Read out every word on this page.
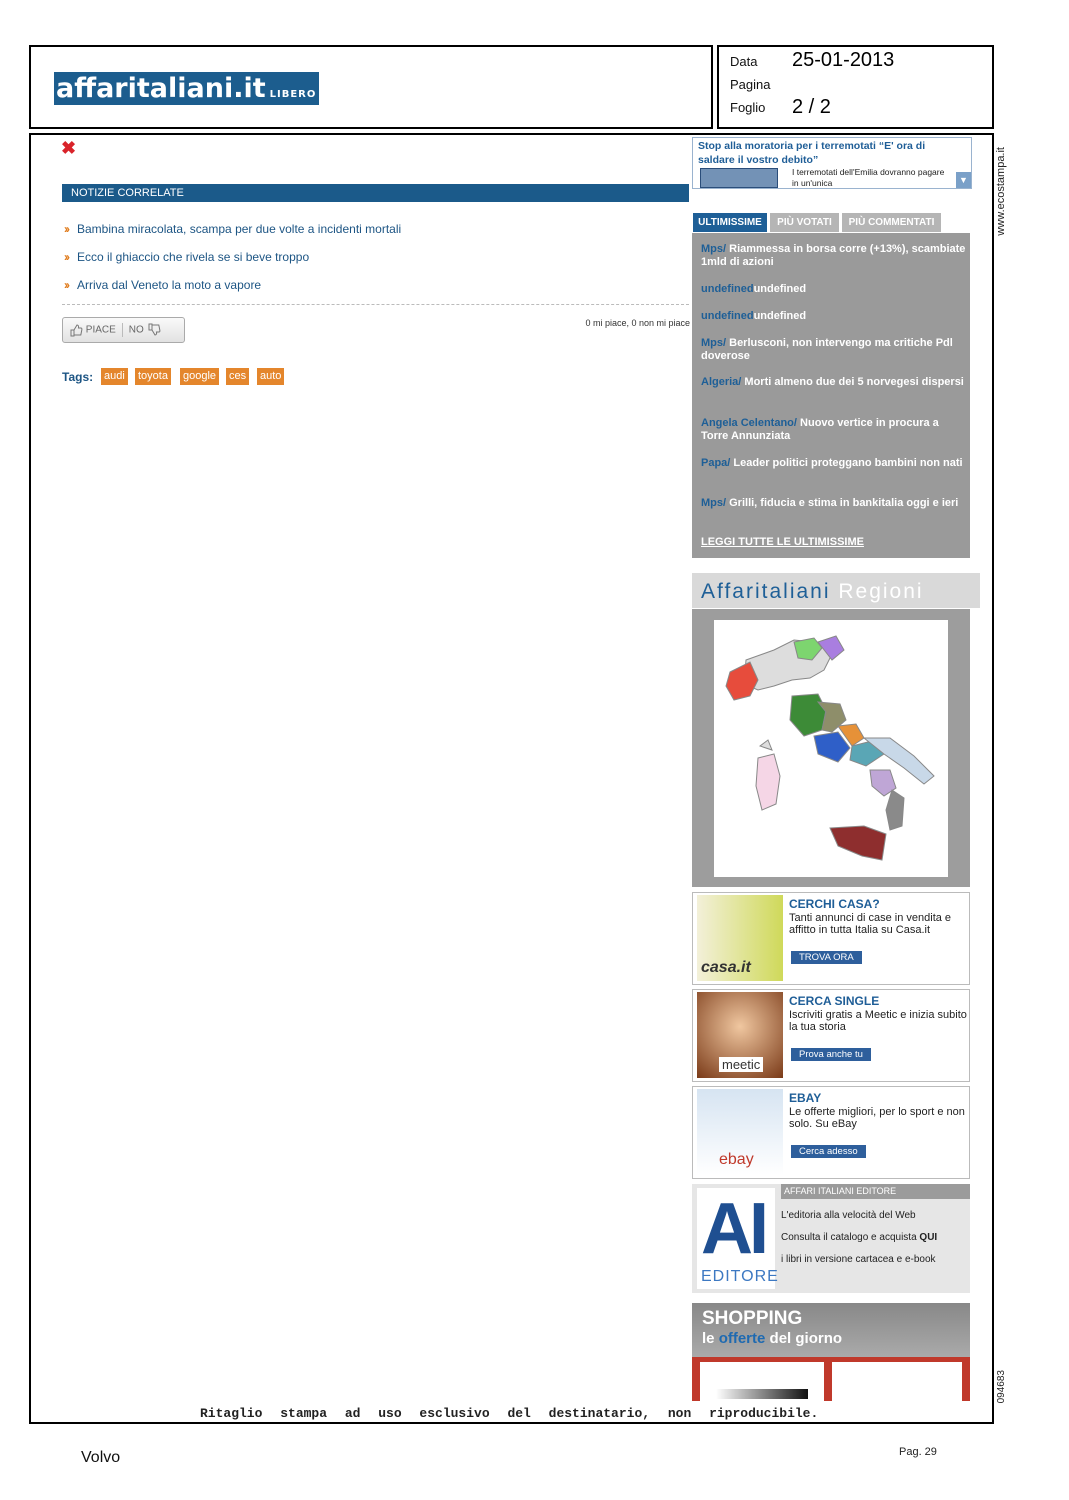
affaritaliani.it LIBERO
Data 25-01-2013
Pagina
Foglio 2 / 2
✖
NOTIZIE CORRELATE
›› Bambina miracolata, scampa per due volte a incidenti mortali
›› Ecco il ghiaccio che rivela se si beve troppo
›› Arriva dal Veneto la moto a vapore
PIACE	NO
0 mi piace, 0 non mi piace
Tags: audi toyota google ces auto
Stop alla moratoria per i terremotati “E' ora di saldare il vostro debito”
I terremotati dell'Emilia dovranno pagare in un'unica	▼
ULTIMISSIME	PIÙ VOTATI	PIÙ COMMENTATI
Mps/ Riammessa in borsa corre (+13%), scambiate 1mld di azioni
undefinedundefined
undefinedundefined
Mps/ Berlusconi, non intervengo ma critiche Pdl doverose
Algeria/ Morti almeno due dei 5 norvegesi dispersi
Angela Celentano/ Nuovo vertice in procura a Torre Annunziata
Papa/ Leader politici proteggano bambini non nati
Mps/ Grilli, fiducia e stima in bankitalia oggi e ieri
LEGGI TUTTE LE ULTIMISSIME
Affaritaliani Regioni
casa.it
CERCHI CASA?
Tanti annunci di case in vendita e affitto in tutta Italia su Casa.it
TROVA ORA
meetic
CERCA SINGLE
Iscriviti gratis a Meetic e inizia subito la tua storia
Prova anche tu
ebay
EBAY
Le offerte migliori, per lo sport e non solo. Su eBay
Cerca adesso
AFFARI ITALIANI EDITORE
AI
EDITORE
L'editoria alla velocità del Web
Consulta il catalogo e acquista QUI
i libri in versione cartacea e e-book
SHOPPING
le offerte del giorno
Ritaglio stampa ad uso esclusivo del destinatario, non riproducibile.
www.ecostampa.it
094683
Volvo	Pag. 29
